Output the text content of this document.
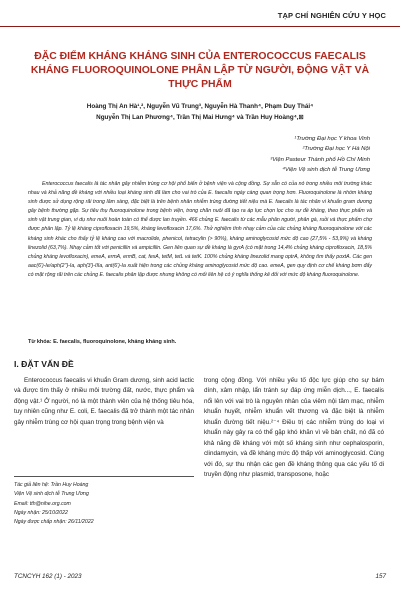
TẠP CHÍ NGHIÊN CỨU Y HỌC
ĐẶC ĐIỂM KHÁNG KHÁNG SINH CỦA ENTEROCOCCUS FAECALIS KHÁNG FLUOROQUINOLONE PHÂN LẬP TỪ NGƯỜI, ĐỘNG VẬT VÀ THỰC PHẨM
Hoàng Thị An Hà¹,², Nguyễn Vũ Trung³, Nguyễn Hà Thanh⁴, Phạm Duy Thái⁴
Nguyễn Thị Lan Phương⁴, Trần Thị Mai Hưng⁴ và Trần Huy Hoàng⁴,⊠
¹Trường Đại học Y khoa Vinh
²Trường Đại học Y Hà Nội
³Viện Pasteur Thành phố Hồ Chí Minh
⁴Viện Vệ sinh dịch tễ Trung Ương

Enterococcus faecalis là tác nhân gây nhiễm trùng cơ hội phổ biến ở bệnh viện và cộng đồng. Sự sẵn có của nó trong nhiều môi trường khác nhau và khả năng đề kháng với nhiều loại kháng sinh đã làm cho vai trò của E. faecalis ngày càng quan trọng hơn. Fluoroquinolone là nhóm kháng sinh được sử dụng rộng rãi trong lâm sàng, đặc biệt là trên bệnh nhân nhiễm trùng đường tiết niệu mà E. faecalis là tác nhân vi khuẩn gram dương gây bệnh thường gặp. Sự tiêu thụ fluoroquinolone trong bệnh viện, trong chăn nuôi đã tạo ra áp lực chọn lọc cho sự đề kháng, theo thực phẩm và sinh vật trung gian, vi dụ như nuôi hoàn toàn có thể được lan truyền. 466 chủng E. faecalis từ các mẫu phân người, phân gà, ruồi và thực phẩm chợ được phân lập. Tỷ lệ kháng ciprofloxacin 19,5%, kháng levofloxacin 17,6%. Thử nghiệm tính nhạy cảm của các chủng kháng fluoroquinolone với các kháng sinh khác cho thấy tỷ lệ kháng cao với macrolide, phenicol, tetracylin (> 90%), kháng aminoglycosid mức độ cao (27,5% - 53,9%) và kháng linezolid (63,7%). Nhạy cảm tốt với penicillin và ampicillin. Gen liên quan sự đề kháng là gyrA (có mặt trong 14,4% chủng kháng ciprofloxacin, 18,5% chủng kháng levofloxacin), emeA, ermA, ermB, cat, fexA, tetM, tetL và tetK. 100% chủng kháng linezolid mang optrA, không tìm thấy poxtA. Các gen aac(6')-Ie/aph(2'')-Ia, aph(3')-IIIa, ant(6')-Ia xuất hiện trong các chủng kháng aminoglycosid mức độ cao. emeA, gen quy định cơ chế kháng bơm đẩy có mặt rộng rãi trên các chủng E. faecalis phân lập được nhưng không có mối liên hệ có ý nghĩa thống kê đối với mức độ kháng fluoroquinolone.

Từ khóa: E. faecalis, fluoroquinolone, kháng kháng sinh.
I. ĐẶT VẤN ĐỀ

Enterococcus faecalis vi khuẩn Gram dương, sinh acid lactic và được tìm thấy ở nhiều môi trường đất, nước, thực phẩm và động vật.¹ Ở người, nó là một thành viên của hệ thống tiêu hóa, tuy nhiên cũng như E. coli, E. faecalis đã trở thành một tác nhân gây nhiễm trùng cơ hội quan trọng trong bệnh viện và

trong cộng đồng. Với nhiều yếu tố độc lực giúp cho sự bám dính, xâm nhập, lẩn tránh sự đáp ứng miễn dịch..., E. faecalis nổi lên với vai trò là nguyên nhân của viêm nội tâm mạc, nhiễm khuẩn huyết, nhiễm khuẩn vết thương và đặc biệt là nhiễm khuẩn đường tiết niệu.²⁻⁴ Điều trị các nhiễm trùng do loại vi khuẩn này gây ra có thể gặp khó khăn vì về bản chất, nó đã có khả năng đề kháng với một số kháng sinh như cephalosporin, clindamycin, và đề kháng mức độ thấp với aminoglycosid. Cùng với đó, sự thu nhận các gen đề kháng thông qua các yếu tố di truyền động như plasmid, transposone, hoặc

Tác giả liên hệ: Trần Huy Hoàng
Viện Vệ sinh dịch tễ Trung Ương
Email: tth@nihe.org.com
Ngày nhận: 25/10/2022
Ngày được chấp nhận: 26/11/2022
TCNCYH 162 (1) - 2023	157
